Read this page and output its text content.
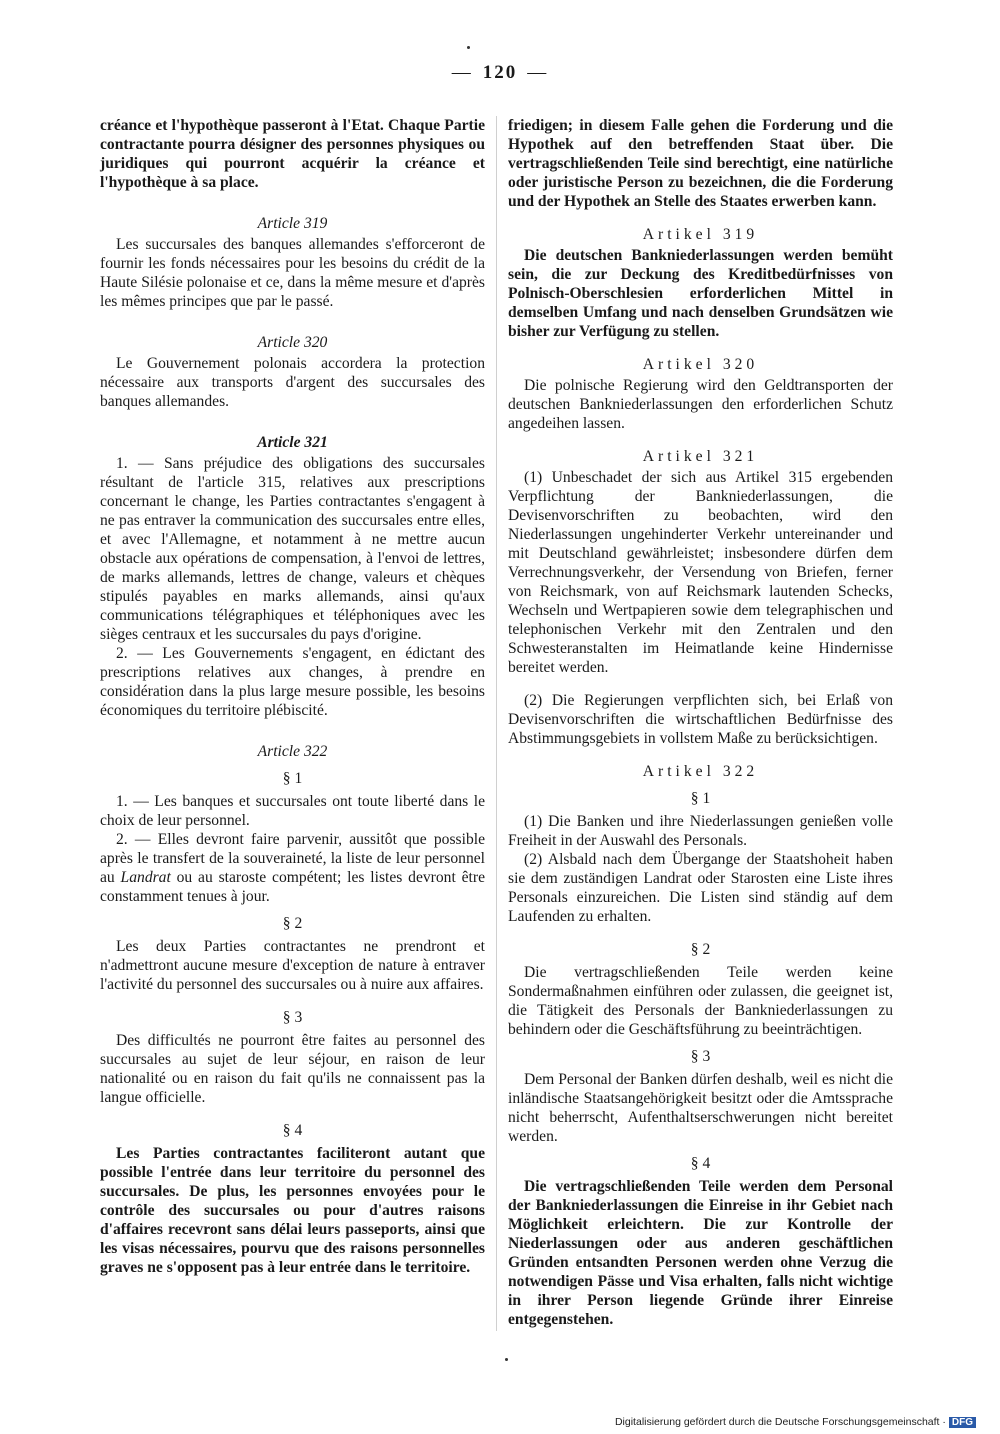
— 120 —

créance et l'hypothèque passeront à l'Etat. Chaque Partie contractante pourra désigner des personnes physiques ou juridiques qui pourront acquérir la créance et l'hypothèque à sa place.

Article 319

Les succursales des banques allemandes s'efforceront de fournir les fonds nécessaires pour les besoins du crédit de la Haute Silésie polonaise et ce, dans la même mesure et d'après les mêmes principes que par le passé.

Article 320

Le Gouvernement polonais accordera la protection nécessaire aux transports d'argent des succursales des banques allemandes.

Article 321

1. — Sans préjudice des obligations des succursales résultant de l'article 315, relatives aux prescriptions concernant le change, les Parties contractantes s'engagent à ne pas entraver la communication des succursales entre elles, et avec l'Allemagne, et notamment à ne mettre aucun obstacle aux opérations de compensation, à l'envoi de lettres, de marks allemands, lettres de change, valeurs et chèques stipulés payables en marks allemands, ainsi qu'aux communications télégraphiques et téléphoniques avec les sièges centraux et les succursales du pays d'origine.

2. — Les Gouvernements s'engagent, en édictant des prescriptions relatives aux changes, à prendre en considération dans la plus large mesure possible, les besoins économiques du territoire plébiscité.

Article 322

§ 1

1. — Les banques et succursales ont toute liberté dans le choix de leur personnel.

2. — Elles devront faire parvenir, aussitôt que possible après le transfert de la souveraineté, la liste de leur personnel au Landrat ou au staroste compétent; les listes devront être constamment tenues à jour.

§ 2

Les deux Parties contractantes ne prendront et n'admettront aucune mesure d'exception de nature à entraver l'activité du personnel des succursales ou à nuire aux affaires.

§ 3

Des difficultés ne pourront être faites au personnel des succursales au sujet de leur séjour, en raison de leur nationalité ou en raison du fait qu'ils ne connaissent pas la langue officielle.

§ 4

Les Parties contractantes faciliteront autant que possible l'entrée dans leur territoire du personnel des succursales. De plus, les personnes envoyées pour le contrôle des succursales ou pour d'autres raisons d'affaires recevront sans délai leurs passeports, ainsi que les visas nécessaires, pourvu que des raisons personnelles graves ne s'opposent pas à leur entrée dans le territoire.

friedigen; in diesem Falle gehen die Forderung und die Hypothek auf den betreffenden Staat über. Die vertragschließenden Teile sind berechtigt, eine natürliche oder juristische Person zu bezeichnen, die die Forderung und der Hypothek an Stelle des Staates erwerben kann.

Artikel 319

Die deutschen Bankniederlassungen werden bemüht sein, die zur Deckung des Kreditbedürfnisses von Polnisch-Oberschlesien erforderlichen Mittel in demselben Umfang und nach denselben Grundsätzen wie bisher zur Verfügung zu stellen.

Artikel 320

Die polnische Regierung wird den Geldtransporten der deutschen Bankniederlassungen den erforderlichen Schutz angedeihen lassen.

Artikel 321

(1) Unbeschadet der sich aus Artikel 315 ergebenden Verpflichtung der Bankniederlassungen, die Devisenvorschriften zu beobachten, wird den Niederlassungen ungehinderter Verkehr untereinander und mit Deutschland gewährleistet; insbesondere dürfen dem Verrechnungsverkehr, der Versendung von Briefen, ferner von Reichsmark, von auf Reichsmark lautenden Schecks, Wechseln und Wertpapieren sowie dem telegraphischen und telephonischen Verkehr mit den Zentralen und den Schwesteranstalten im Heimatlande keine Hindernisse bereitet werden.

(2) Die Regierungen verpflichten sich, bei Erlaß von Devisenvorschriften die wirtschaftlichen Bedürfnisse des Abstimmungsgebiets in vollstem Maße zu berücksichtigen.

Artikel 322

§ 1

(1) Die Banken und ihre Niederlassungen genießen volle Freiheit in der Auswahl des Personals.

(2) Alsbald nach dem Übergange der Staatshoheit haben sie dem zuständigen Landrat oder Starosten eine Liste ihres Personals einzureichen. Die Listen sind ständig auf dem Laufenden zu erhalten.

§ 2

Die vertragschließenden Teile werden keine Sondermaßnahmen einführen oder zulassen, die geeignet ist, die Tätigkeit des Personals der Bankniederlassungen zu behindern oder die Geschäftsführung zu beeinträchtigen.

§ 3

Dem Personal der Banken dürfen deshalb, weil es nicht die inländische Staatsangehörigkeit besitzt oder die Amtssprache nicht beherrscht, Aufenthaltserschwerungen nicht bereitet werden.

§ 4

Die vertragschließenden Teile werden dem Personal der Bankniederlassungen die Einreise in ihr Gebiet nach Möglichkeit erleichtern. Die zur Kontrolle der Niederlassungen oder aus anderen geschäftlichen Gründen entsandten Personen werden ohne Verzug die notwendigen Pässe und Visa erhalten, falls nicht wichtige in ihrer Person liegende Gründe ihrer Einreise entgegenstehen.

Digitalisierung gefördert durch die Deutsche Forschungsgemeinschaft · DFG
